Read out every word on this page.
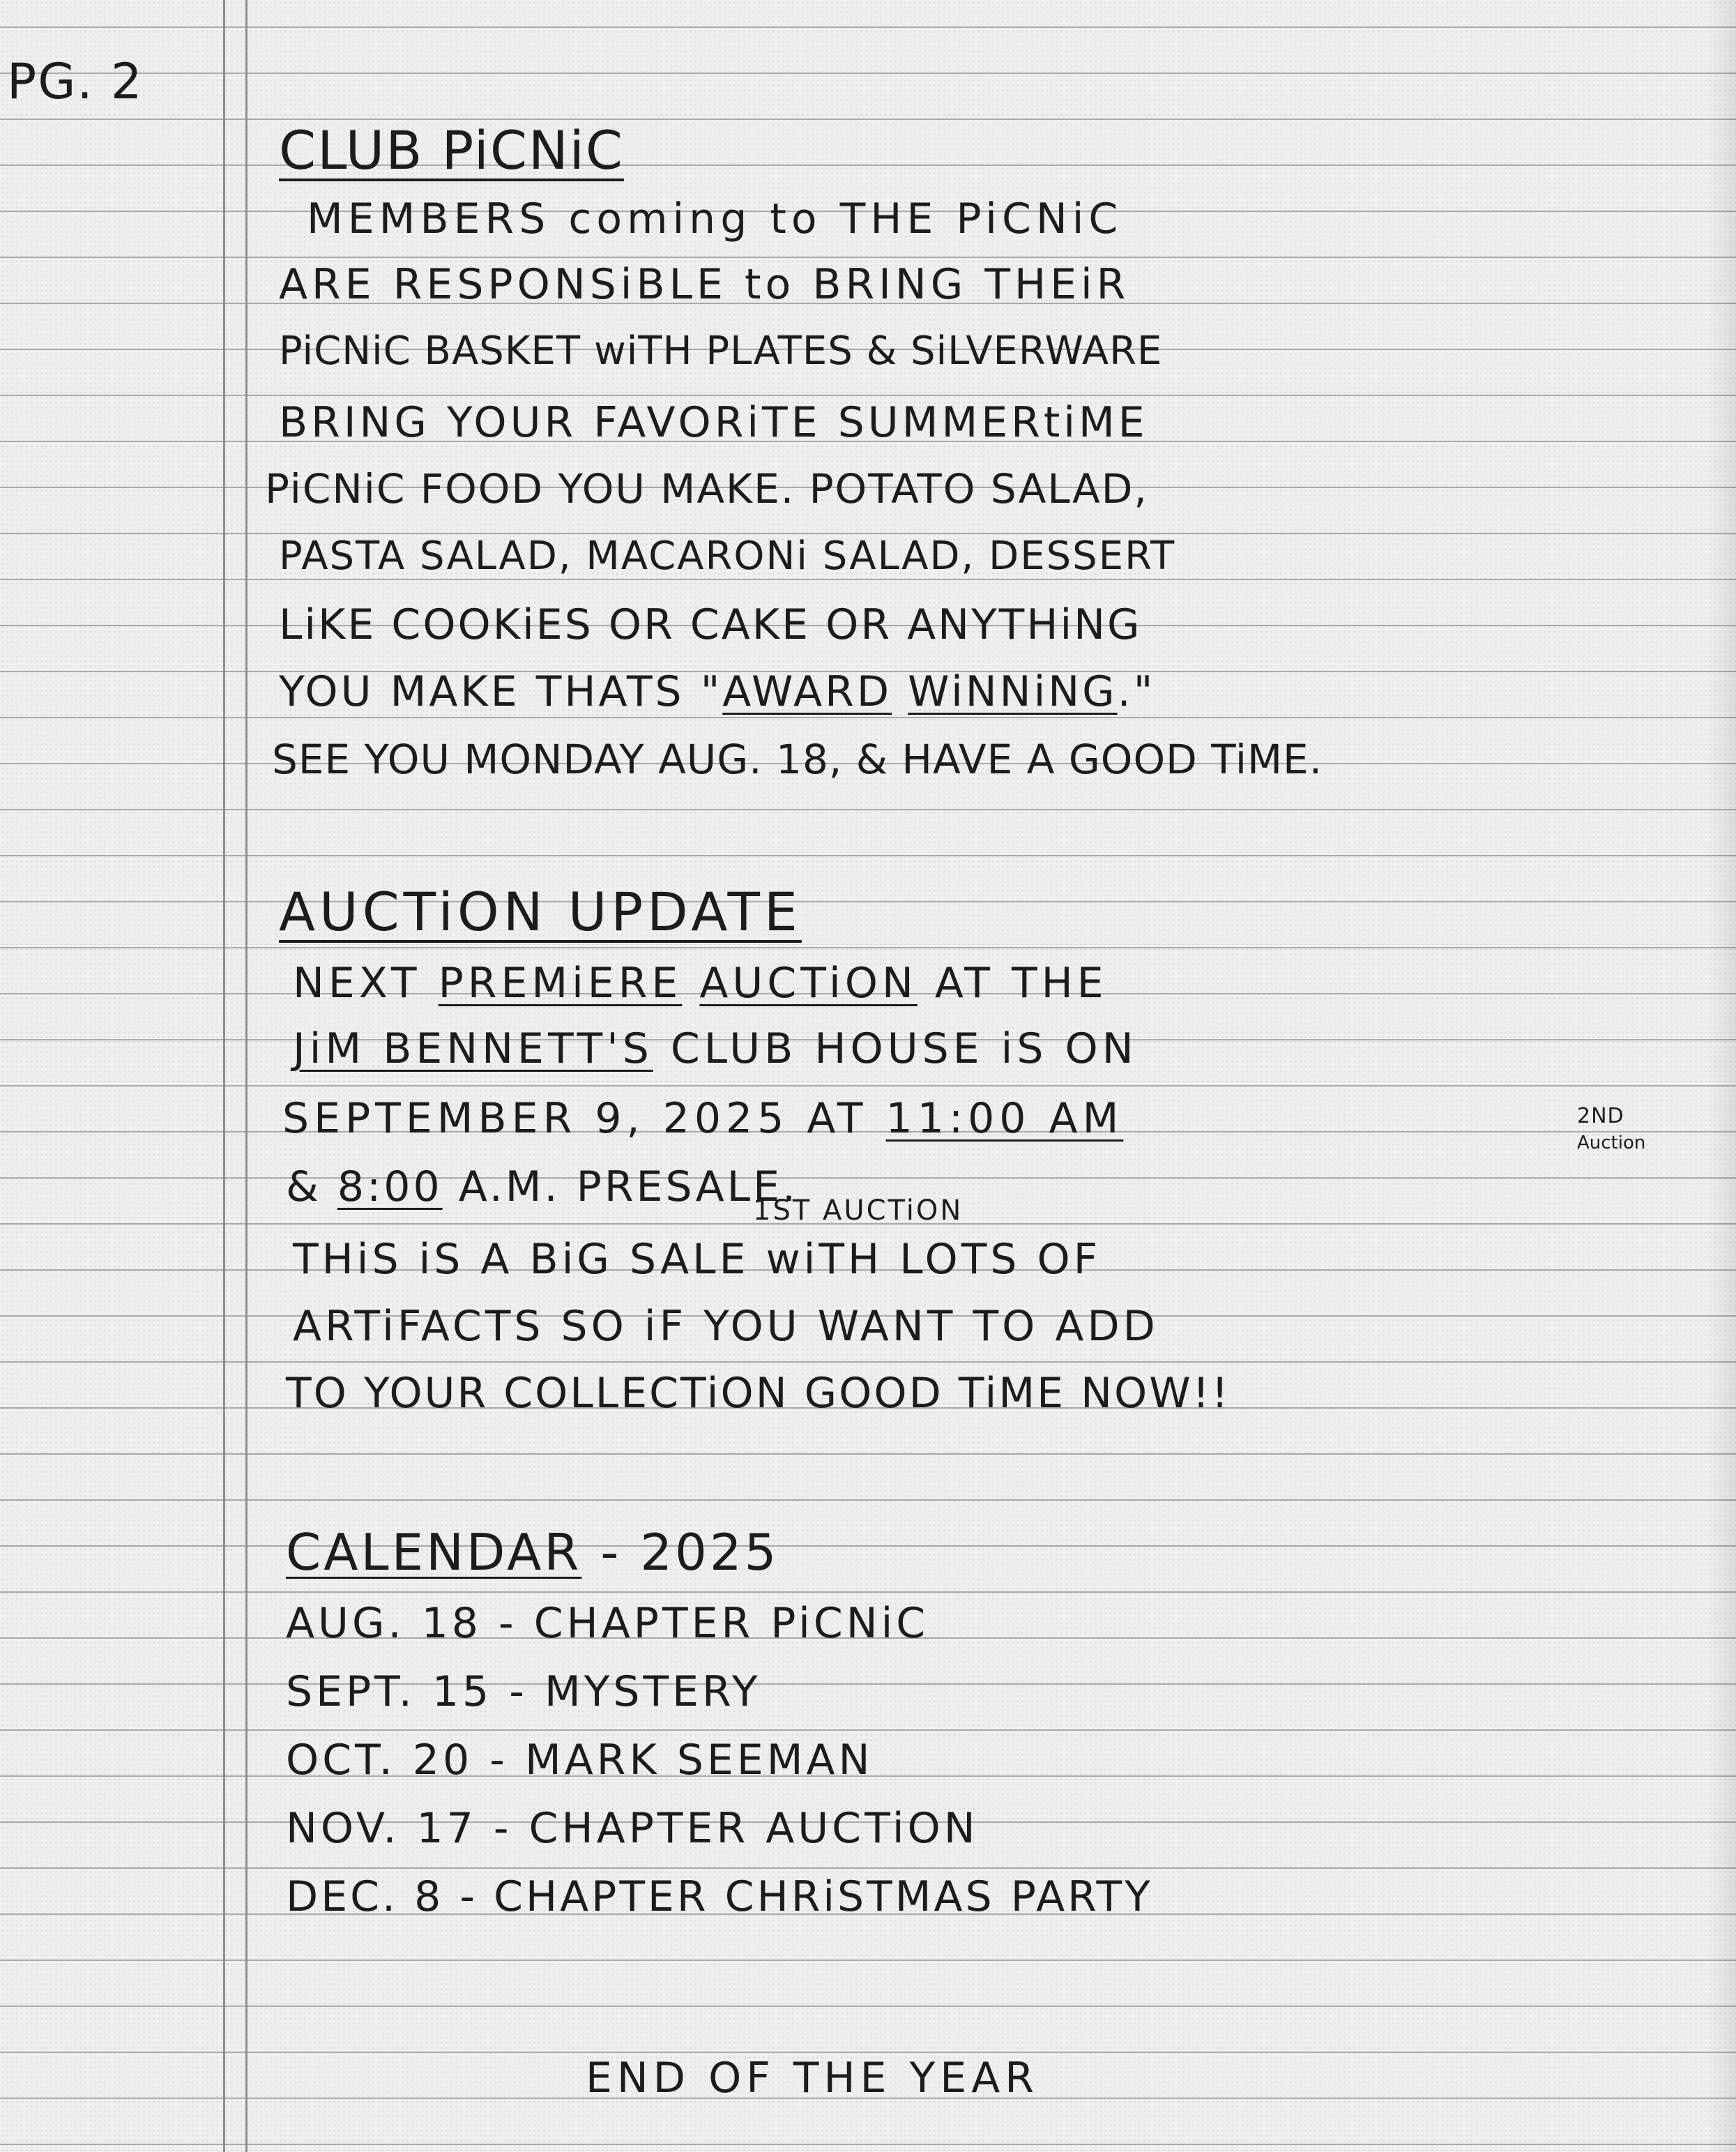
PG. 2
CLUB PiCNiC
MEMBERS coming to THE PiCNiC
ARE RESPONSiBLE to BRING THEiR
PiCNiC BASKET wiTH PLATES & SiLVERWARE
BRING YOUR FAVORiTE SUMMERtiME
PiCNiC FOOD YOU MAKE. POTATO SALAD,
PASTA SALAD, MACARONi SALAD, DESSERT
LiKE COOKiES OR CAKE OR ANYTHiNG
YOU MAKE THATS "AWARD WiNNiNG."
SEE YOU MONDAY AUG. 18, & HAVE A GOOD TiME.
AUCTiON UPDATE
NEXT PREMiERE AUCTiON AT THE
JiM BENNETT'S CLUB HOUSE iS ON
SEPTEMBER 9, 2025 AT 11:00 AM	2ND
Auction
& 8:00 A.M. PRESALE.
1ST AUCTiON
THiS iS A BiG SALE wiTH LOTS OF
ARTiFACTS SO iF YOU WANT TO ADD
TO YOUR COLLECTiON GOOD TiME NOW!!
CALENDAR - 2025
AUG. 18 - CHAPTER PiCNiC
SEPT. 15 - MYSTERY
OCT. 20 - MARK SEEMAN
NOV. 17 - CHAPTER AUCTiON
DEC. 8 - CHAPTER CHRiSTMAS PARTY
END OF THE YEAR
